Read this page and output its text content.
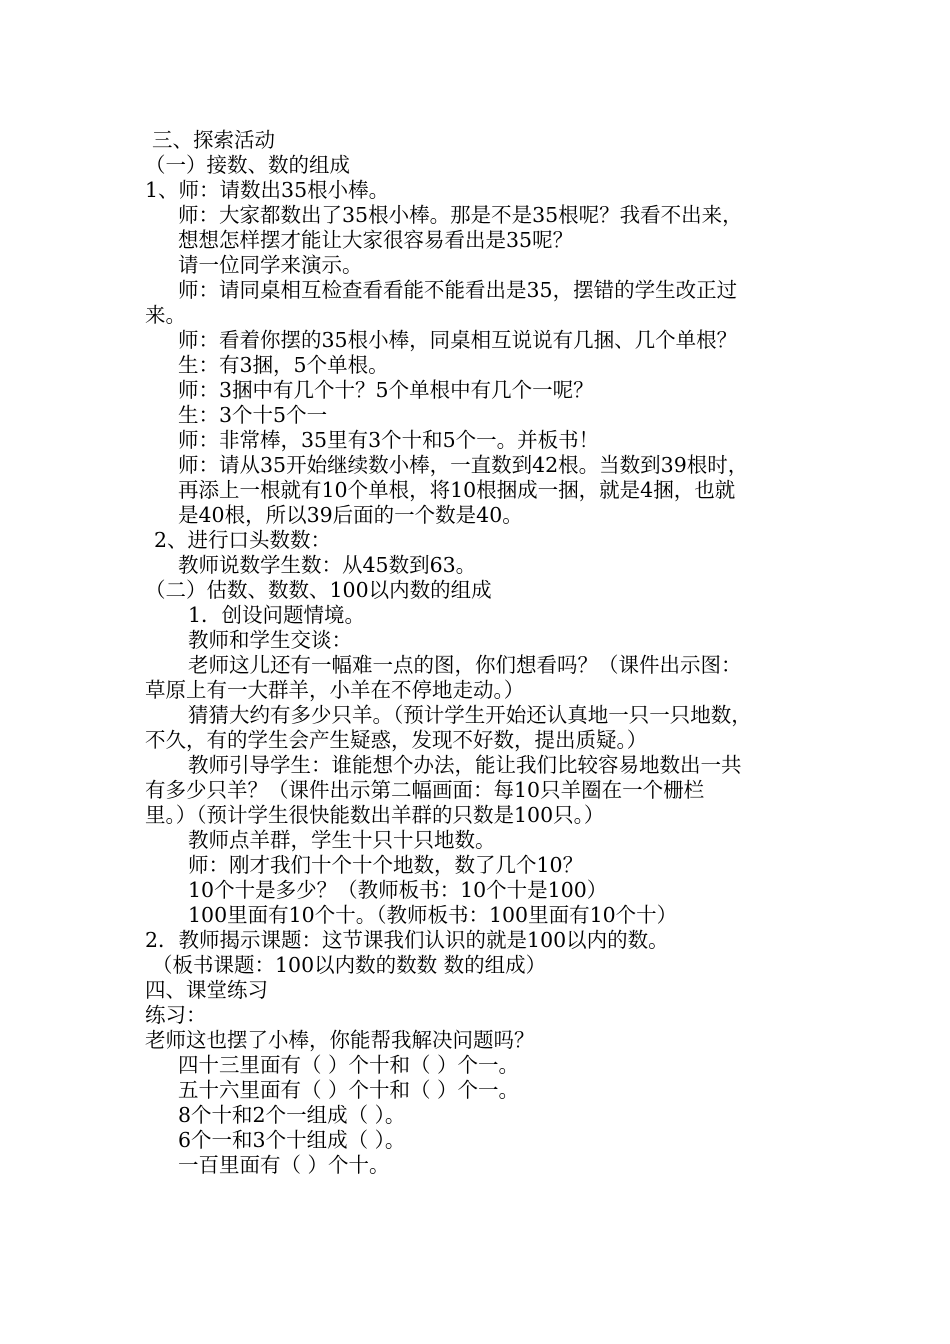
三、探索活动

（一）接数、数的组成

1、师：请数出35根小棒。

师：大家都数出了35根小棒。那是不是35根呢？我看不出来，

想想怎样摆才能让大家很容易看出是35呢？

请一位同学来演示。

师：请同桌相互检查看看能不能看出是35，摆错的学生改正过

来。

师：看着你摆的35根小棒，同桌相互说说有几捆、几个单根？

生：有3捆，5个单根。

师：3捆中有几个十？5个单根中有几个一呢？

生：3个十5个一

师：非常棒，35里有3个十和5个一。并板书！

师：请从35开始继续数小棒，一直数到42根。当数到39根时，

再添上一根就有10个单根，将10根捆成一捆，就是4捆，也就

是40根，所以39后面的一个数是40。

2、进行口头数数：

教师说数学生数：从45数到63。

（二）估数、数数、100以内数的组成

1．创设问题情境。

教师和学生交谈：

老师这儿还有一幅难一点的图，你们想看吗？（课件出示图：

草原上有一大群羊，小羊在不停地走动。）

猜猜大约有多少只羊。（预计学生开始还认真地一只一只地数，

不久，有的学生会产生疑惑，发现不好数，提出质疑。）

教师引导学生：谁能想个办法，能让我们比较容易地数出一共

有多少只羊？（课件出示第二幅画面：每10只羊圈在一个栅栏

里。）（预计学生很快能数出羊群的只数是100只。）

教师点羊群，学生十只十只地数。

师：刚才我们十个十个地数，数了几个10？

10个十是多少？（教师板书：10个十是100）

100里面有10个十。（教师板书：100里面有10个十）

2．教师揭示课题：这节课我们认识的就是100以内的数。

（板书课题：100以内数的数数 数的组成）

四、课堂练习

练习：

老师这也摆了小棒，你能帮我解决问题吗？

四十三里面有（ ）个十和（ ）个一。

五十六里面有（ ）个十和（ ）个一。

8个十和2个一组成（ ）。

6个一和3个十组成（ ）。

一百里面有（ ）个十。
